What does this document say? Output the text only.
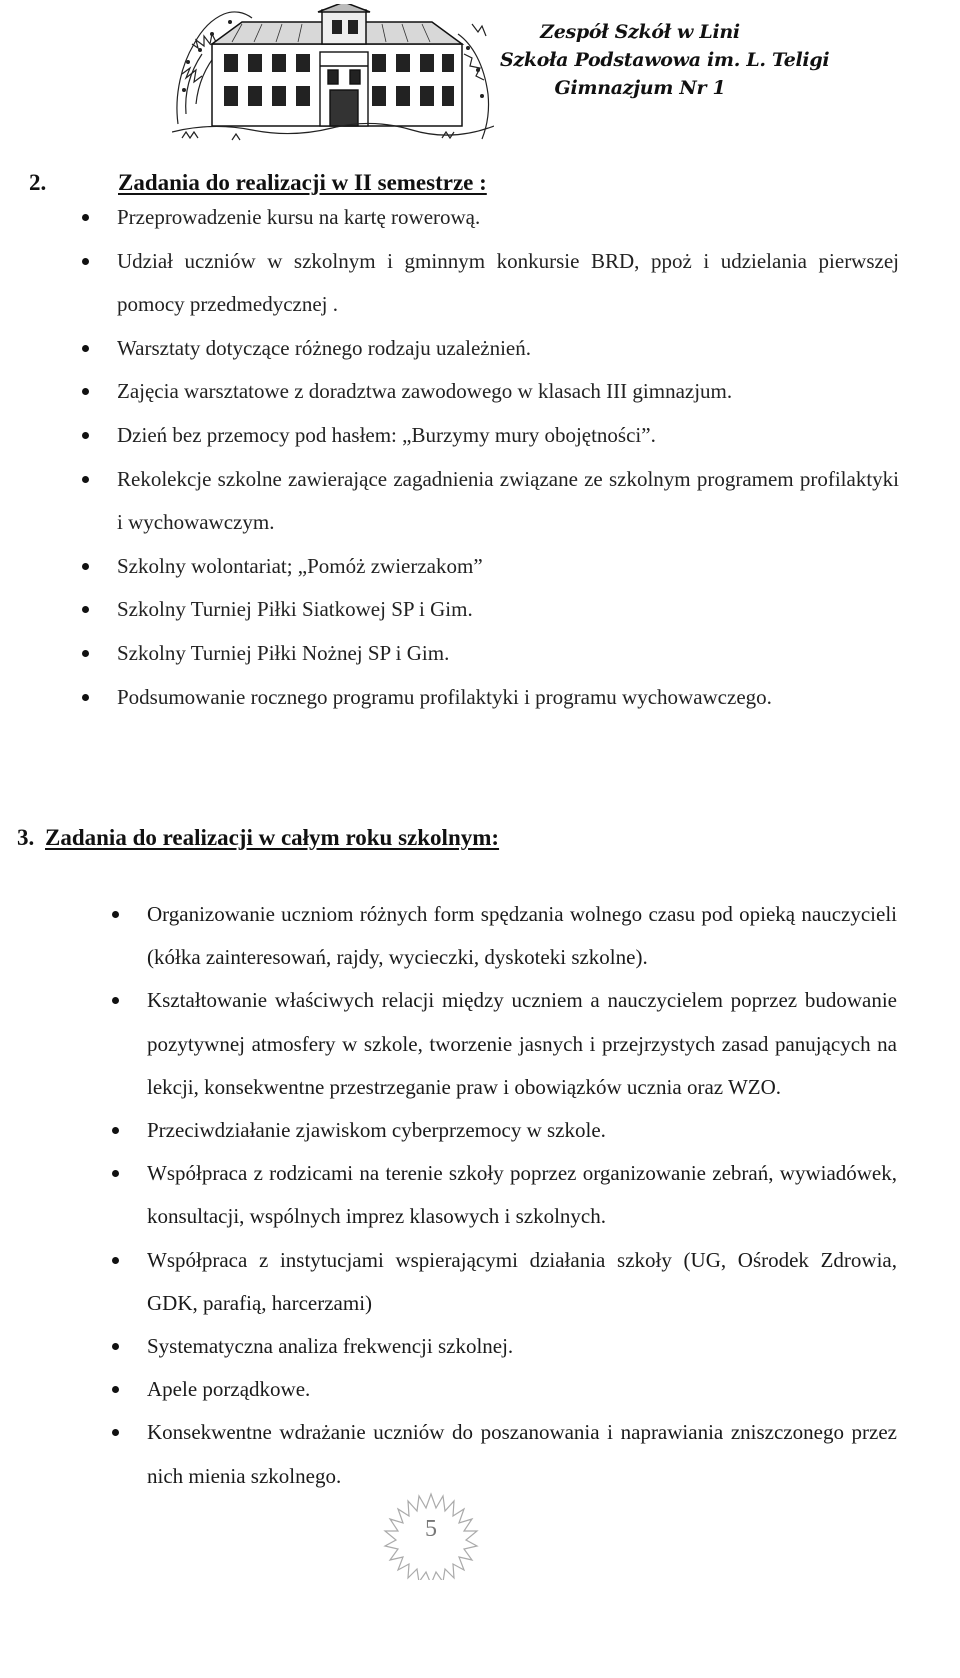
Zespół Szkół w Lini
Szkoła Podstawowa im. L. Teligi
Gimnazjum Nr 1
2.	Zadania do realizacji w II semestrze :
Przeprowadzenie kursu na kartę rowerową.
Udział uczniów w szkolnym i gminnym konkursie BRD, ppoż i udzielania pierwszej pomocy przedmedycznej .
Warsztaty dotyczące różnego rodzaju uzależnień.
Zajęcia warsztatowe z doradztwa zawodowego w klasach III gimnazjum.
Dzień bez przemocy pod hasłem: „Burzymy mury obojętności”.
Rekolekcje szkolne zawierające zagadnienia związane ze szkolnym programem profilaktyki i wychowawczym.
Szkolny wolontariat; „Pomóż zwierzakom”
Szkolny Turniej Piłki Siatkowej SP i Gim.
Szkolny Turniej Piłki Nożnej SP i Gim.
Podsumowanie rocznego programu profilaktyki i programu wychowawczego.
3. Zadania do realizacji w całym roku szkolnym:
Organizowanie uczniom różnych form spędzania wolnego czasu pod opieką nauczycieli (kółka zainteresowań, rajdy, wycieczki, dyskoteki szkolne).
Kształtowanie właściwych relacji między uczniem a nauczycielem poprzez budowanie pozytywnej atmosfery w szkole, tworzenie jasnych i przejrzystych zasad panujących na lekcji, konsekwentne przestrzeganie praw i obowiązków ucznia oraz WZO.
Przeciwdziałanie zjawiskom cyberprzemocy w szkole.
Współpraca z rodzicami na terenie szkoły poprzez organizowanie zebrań, wywiadówek, konsultacji, wspólnych imprez klasowych i szkolnych.
Współpraca z instytucjami wspierającymi działania szkoły (UG, Ośrodek Zdrowia, GDK, parafią, harcerzami)
Systematyczna analiza frekwencji szkolnej.
Apele porządkowe.
Konsekwentne wdrażanie uczniów do poszanowania i naprawiania zniszczonego przez nich mienia szkolnego.
5
